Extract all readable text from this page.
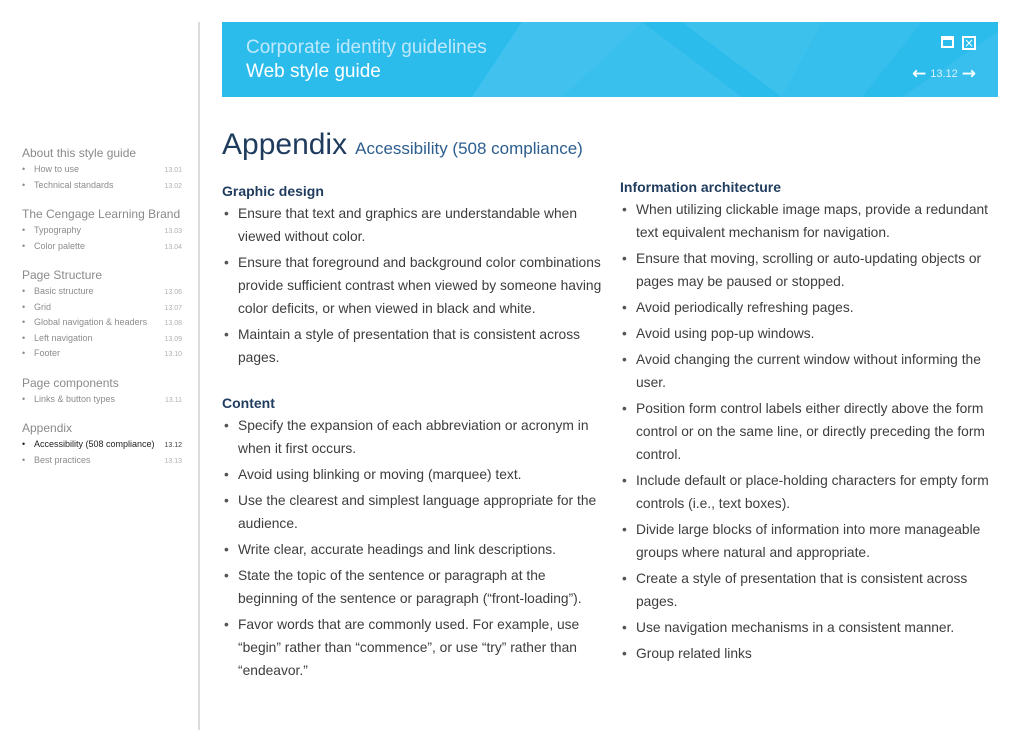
About this style guide
• How to use	13.01
• Technical standards	13.02
The Cengage Learning Brand
• Typography	13.03
• Color palette	13.04
Page Structure
• Basic structure	13.06
• Grid	13.07
• Global navigation & headers 13.08
• Left navigation	13.09
• Footer	13.10
Page components
• Links & button types	13.11
Appendix
• Accessibility (508 compliance) 13.12
• Best practices	13.13
Corporate identity guidelines
Web style guide
×
← 13.12 →
Appendix Accessibility (508 compliance)
Graphic design
• Ensure that text and graphics are understandable when viewed without color.
• Ensure that foreground and background color combinations provide sufficient contrast when viewed by someone having color deficits, or when viewed in black and white.
• Maintain a style of presentation that is consistent across pages.
Content
• Specify the expansion of each abbreviation or acronym in when it first occurs.
• Avoid using blinking or moving (marquee) text.
• Use the clearest and simplest language appropriate for the audience.
• Write clear, accurate headings and link descriptions.
• State the topic of the sentence or paragraph at the beginning of the sentence or paragraph (“front-loading”).
• Favor words that are commonly used. For example, use “begin” rather than “commence”, or use “try” rather than “endeavor.”
Information architecture
• When utilizing clickable image maps, provide a redundant text equivalent mechanism for navigation.
• Ensure that moving, scrolling or auto-updating objects or pages may be paused or stopped.
• Avoid periodically refreshing pages.
• Avoid using pop-up windows.
• Avoid changing the current window without informing the user.
• Position form control labels either directly above the form control or on the same line, or directly preceding the form control.
• Include default or place-holding characters for empty form controls (i.e., text boxes).
• Divide large blocks of information into more manageable groups where natural and appropriate.
• Create a style of presentation that is consistent across pages.
• Use navigation mechanisms in a consistent manner.
• Group related links
